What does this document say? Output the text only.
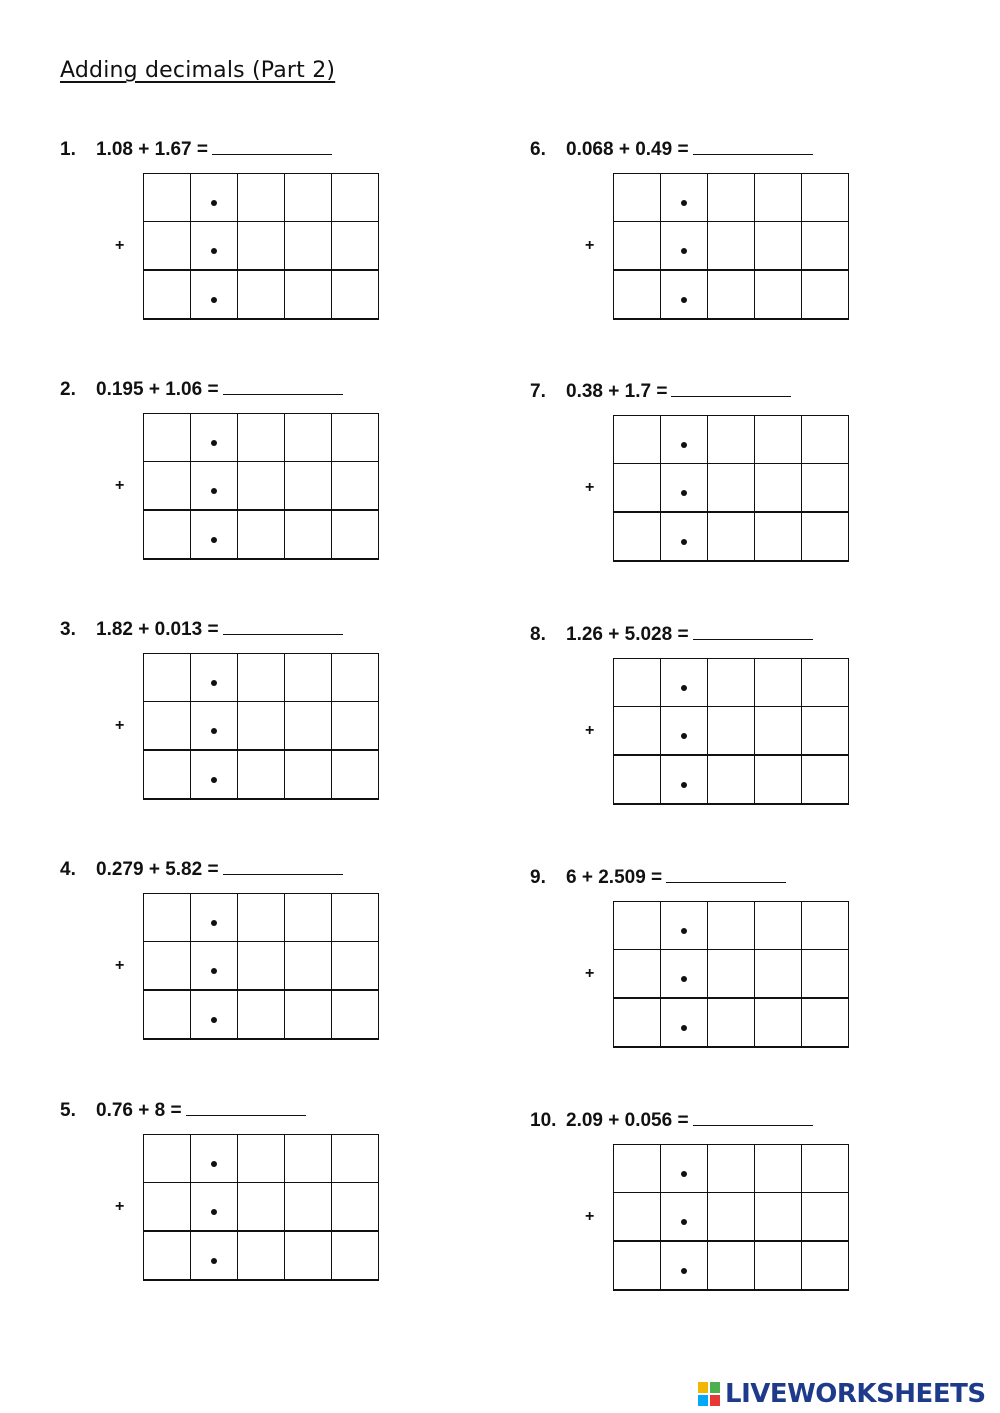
Adding decimals (Part 2)
1. 1.08 + 1.67 =
+

2. 0.195 + 1.06 =
+

3. 1.82 + 0.013 =
+

4. 0.279 + 5.82 =
+

5. 0.76 + 8 =
+

6. 0.068 + 0.49 =
+

7. 0.38 + 1.7 =
+

8. 1.26 + 5.028 =
+

9. 6 + 2.509 =
+

10. 2.09 + 0.056 =
+

LIVEWORKSHEETS
